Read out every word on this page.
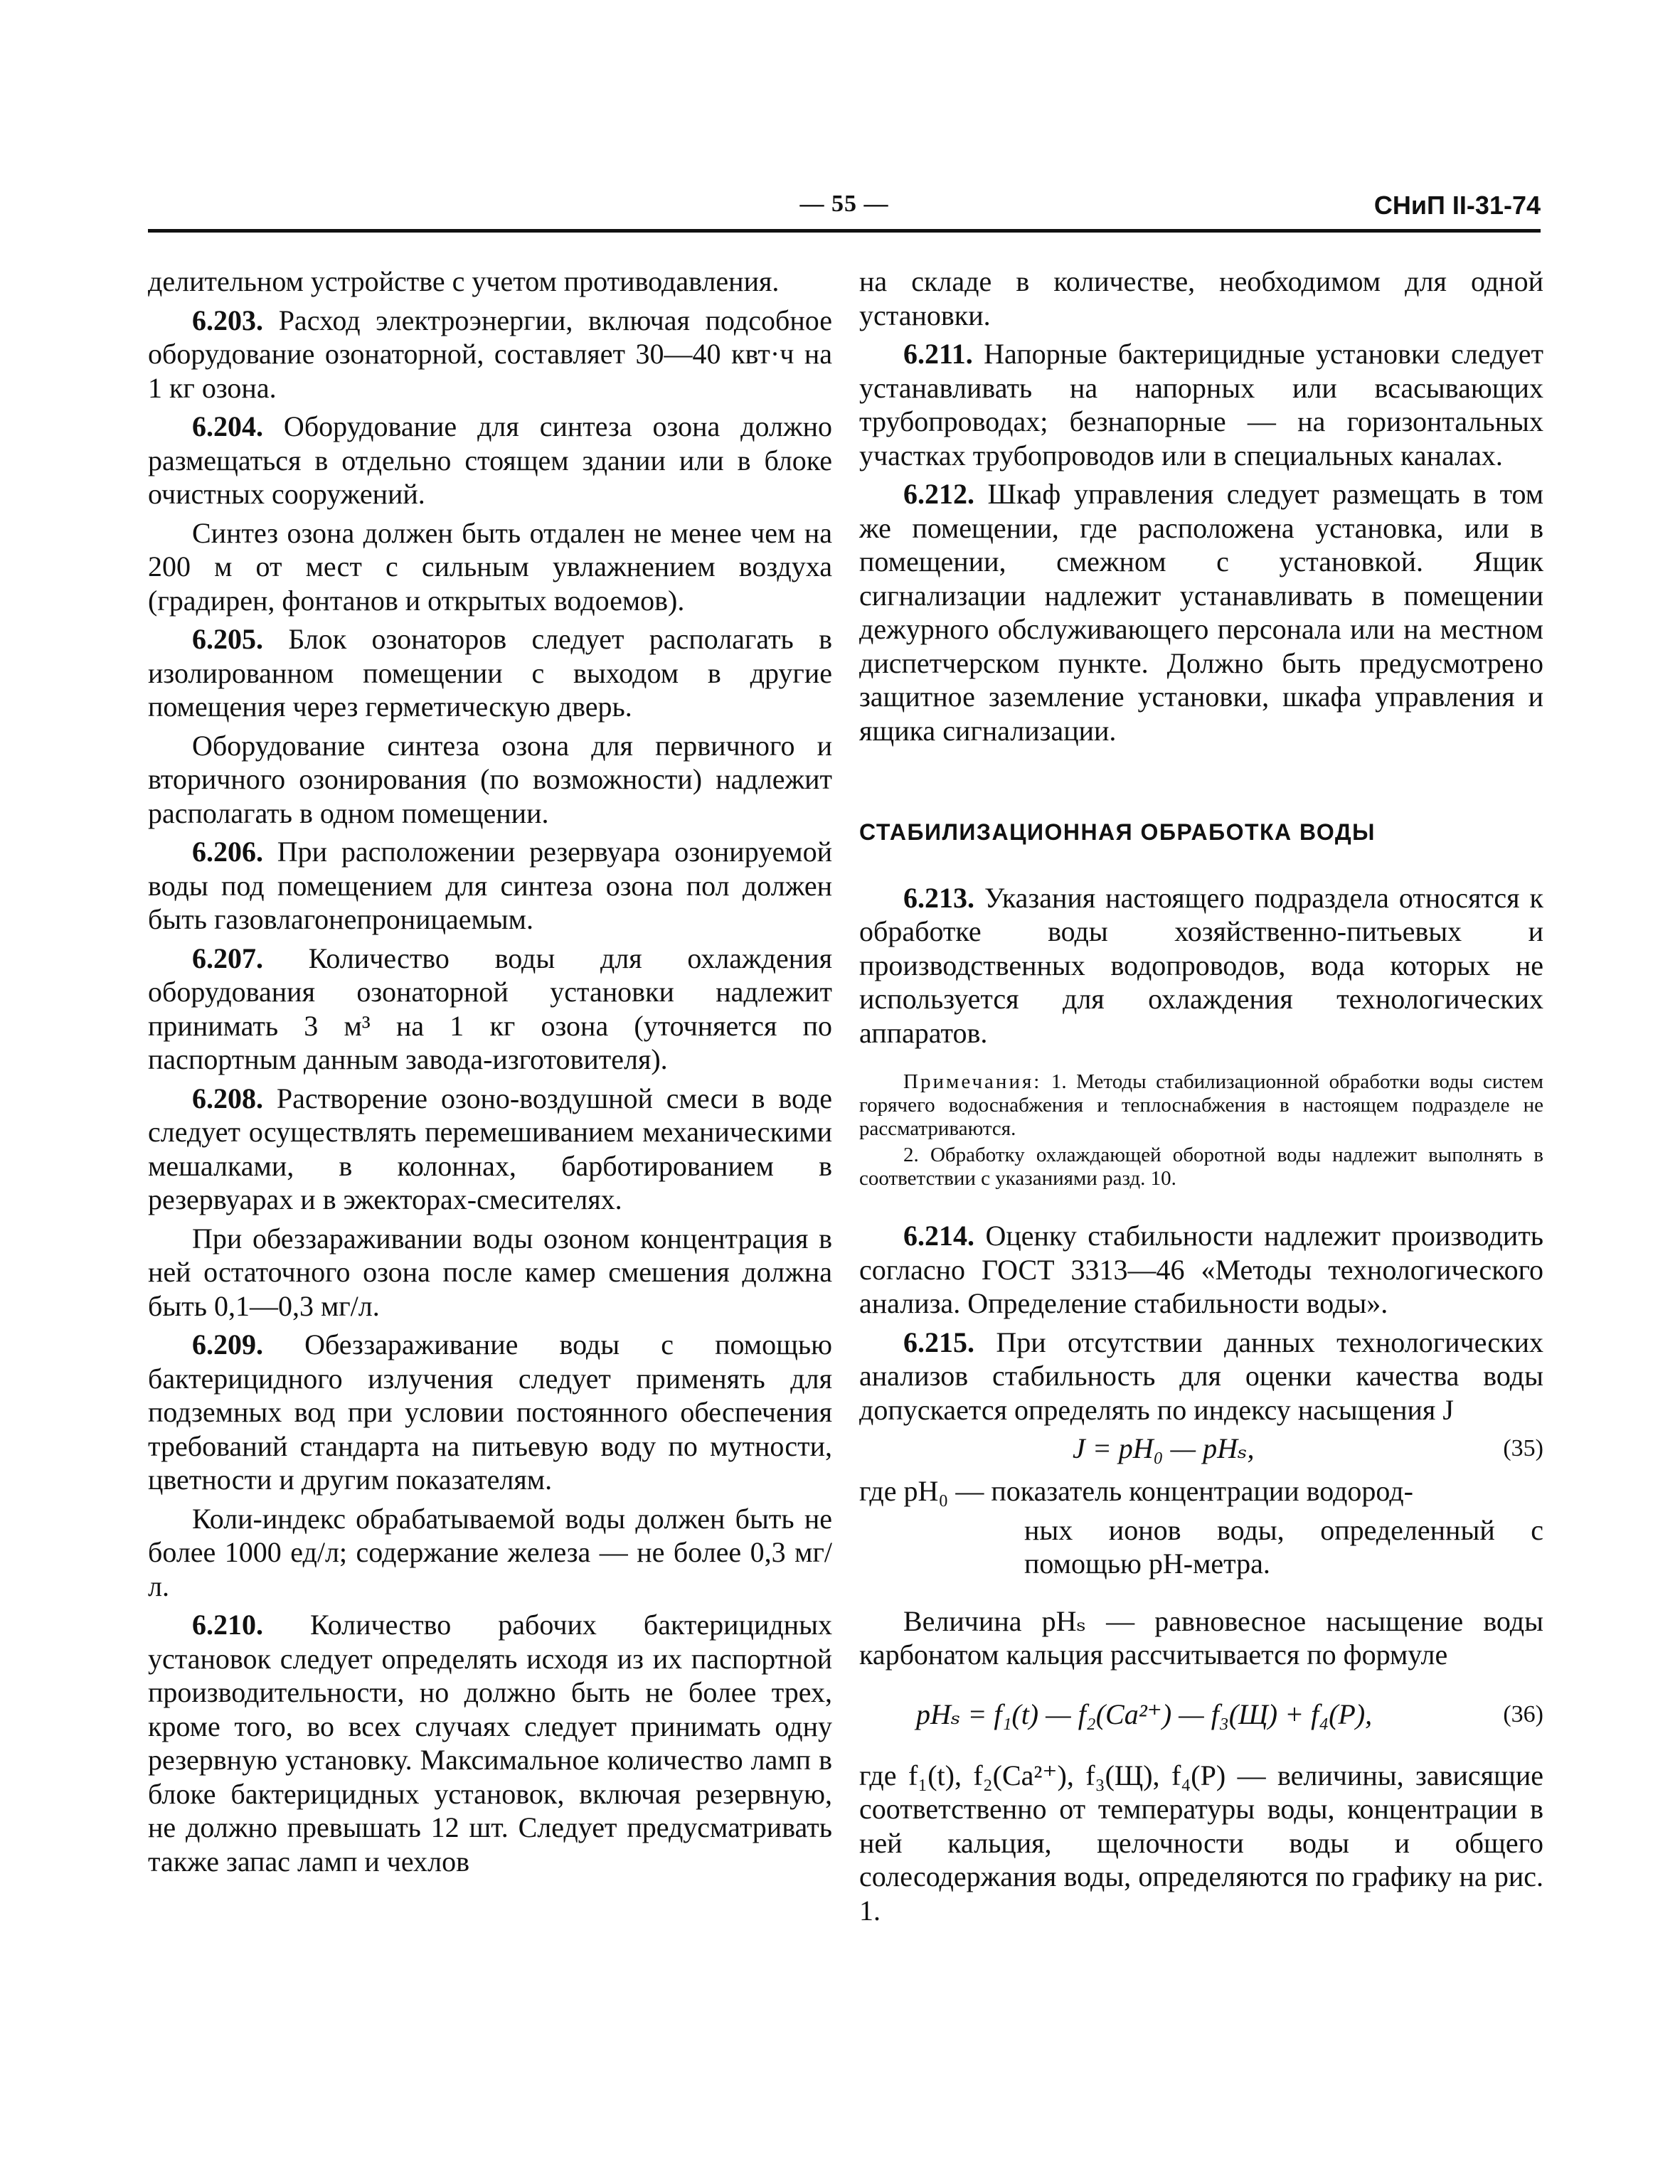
— 55 —	СНиП II-31-74

делительном устройстве с учетом противодавления.

6.203. Расход электроэнергии, включая подсобное оборудование озонаторной, составляет 30—40 квт·ч на 1 кг озона.

6.204. Оборудование для синтеза озона должно размещаться в отдельно стоящем здании или в блоке очистных сооружений.

Синтез озона должен быть отдален не менее чем на 200 м от мест с сильным увлажнением воздуха (градирен, фонтанов и открытых водоемов).

6.205. Блок озонаторов следует располагать в изолированном помещении с выходом в другие помещения через герметическую дверь.

Оборудование синтеза озона для первичного и вторичного озонирования (по возможности) надлежит располагать в одном помещении.

6.206. При расположении резервуара озонируемой воды под помещением для синтеза озона пол должен быть газовлагонепроницаемым.

6.207. Количество воды для охлаждения оборудования озонаторной установки надлежит принимать 3 м³ на 1 кг озона (уточняется по паспортным данным завода-изготовителя).

6.208. Растворение озоно-воздушной смеси в воде следует осуществлять перемешиванием механическими мешалками, в колоннах, барботированием в резервуарах и в эжекторах-смесителях.

При обеззараживании воды озоном концентрация в ней остаточного озона после камер смешения должна быть 0,1—0,3 мг/л.

6.209. Обеззараживание воды с помощью бактерицидного излучения следует применять для подземных вод при условии постоянного обеспечения требований стандарта на питьевую воду по мутности, цветности и другим показателям.

Коли-индекс обрабатываемой воды должен быть не более 1000 ед/л; содержание железа — не более 0,3 мг/л.

6.210. Количество рабочих бактерицидных установок следует определять исходя из их паспортной производительности, но должно быть не более трех, кроме того, во всех случаях следует принимать одну резервную установку. Максимальное количество ламп в блоке бактерицидных установок, включая резервную, не должно превышать 12 шт. Следует предусматривать также запас ламп и чехлов

на складе в количестве, необходимом для одной установки.

6.211. Напорные бактерицидные установки следует устанавливать на напорных или всасывающих трубопроводах; безнапорные — на горизонтальных участках трубопроводов или в специальных каналах.

6.212. Шкаф управления следует размещать в том же помещении, где расположена установка, или в помещении, смежном с установкой. Ящик сигнализации надлежит устанавливать в помещении дежурного обслуживающего персонала или на местном диспетчерском пункте. Должно быть предусмотрено защитное заземление установки, шкафа управления и ящика сигнализации.

СТАБИЛИЗАЦИОННАЯ ОБРАБОТКА ВОДЫ

6.213. Указания настоящего подраздела относятся к обработке воды хозяйственно-питьевых и производственных водопроводов, вода которых не используется для охлаждения технологических аппаратов.

Примечания: 1. Методы стабилизационной обработки воды систем горячего водоснабжения и теплоснабжения в настоящем подразделе не рассматриваются.

2. Обработку охлаждающей оборотной воды надлежит выполнять в соответствии с указаниями разд. 10.

6.214. Оценку стабильности надлежит производить согласно ГОСТ 3313—46 «Методы технологического анализа. Определение стабильности воды».

6.215. При отсутствии данных технологических анализов стабильность для оценки качества воды допускается определять по индексу насыщения J

J = pH₀ — pHₛ,	(35)

где pH₀ — показатель концентрации водород-

ных ионов воды, определенный с помощью pH-метра.

Величина pHₛ — равновесное насыщение воды карбонатом кальция рассчитывается по формуле

pHₛ = f₁(t) — f₂(Ca²⁺) — f₃(Щ) + f₄(P),	(36)

где f₁(t), f₂(Ca²⁺), f₃(Щ), f₄(P) — величины, зависящие соответственно от температуры воды, концентрации в ней кальция, щелочности воды и общего солесодержания воды, определяются по графику на рис. 1.
